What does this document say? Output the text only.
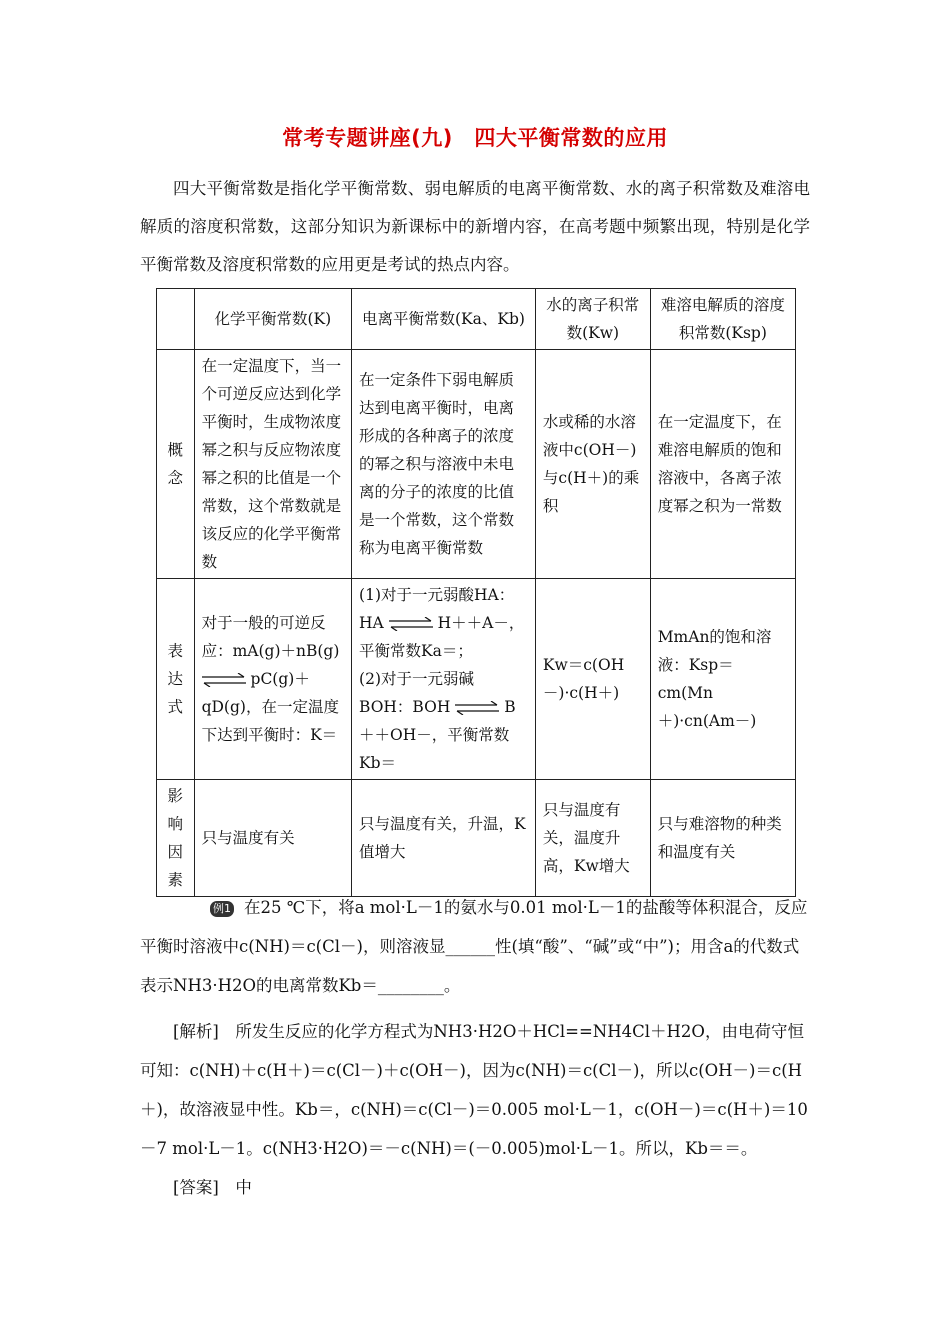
常考专题讲座(九)　四大平衡常数的应用
四大平衡常数是指化学平衡常数、弱电解质的电离平衡常数、水的离子积常数及难溶电解质的溶度积常数，这部分知识为新课标中的新增内容，在高考题中频繁出现，特别是化学平衡常数及溶度积常数的应用更是考试的热点内容。
	化学平衡常数(K)	电离平衡常数(Ka、Kb)	水的离子积常数(Kw)	难溶电解质的溶度积常数(Ksp)
概念	在一定温度下，当一个可逆反应达到化学平衡时，生成物浓度幂之积与反应物浓度幂之积的比值是一个常数，这个常数就是该反应的化学平衡常数	在一定条件下弱电解质达到电离平衡时，电离形成的各种离子的浓度的幂之积与溶液中未电离的分子的浓度的比值是一个常数，这个常数称为电离平衡常数	水或稀的水溶液中c(OH－)与c(H＋)的乘积	在一定温度下，在难溶电解质的饱和溶液中，各离子浓度幂之积为一常数
表达式	对于一般的可逆反应：mA(g)＋nB(g)
⇌ pC(g)＋qD(g)，在一定温度下达到平衡时：K＝	(1)对于一元弱酸HA：
HA ⇌ H＋＋A－，平衡常数Ka＝；
(2)对于一元弱碱
BOH：BOH ⇌ B＋＋OH－，平衡常数Kb＝	Kw＝c(OH－)·c(H＋)	MmAn的饱和溶液：Ksp＝cm(Mn＋)·cn(Am－)
影响因素	只与温度有关	只与温度有关，升温，K值增大	只与温度有关，温度升高，Kw增大	只与难溶物的种类和温度有关
例1 在25 ℃下，将a mol·L－1的氨水与0.01 mol·L－1的盐酸等体积混合，反应平衡时溶液中c(NH)＝c(Cl－)，则溶液显______性(填“酸”、“碱”或“中”)；用含a的代数式表示NH3·H2O的电离常数Kb＝________。
[解析]　所发生反应的化学方程式为NH3·H2O＋HCl==NH4Cl＋H2O，由电荷守恒可知：c(NH)＋c(H＋)＝c(Cl－)＋c(OH－)，因为c(NH)＝c(Cl－)，所以c(OH－)＝c(H＋)，故溶液显中性。Kb＝，c(NH)＝c(Cl－)＝0.005 mol·L－1，c(OH－)＝c(H＋)＝10－7 mol·L－1。c(NH3·H2O)＝－c(NH)＝(－0.005)mol·L－1。所以，Kb＝＝。
[答案]　中
